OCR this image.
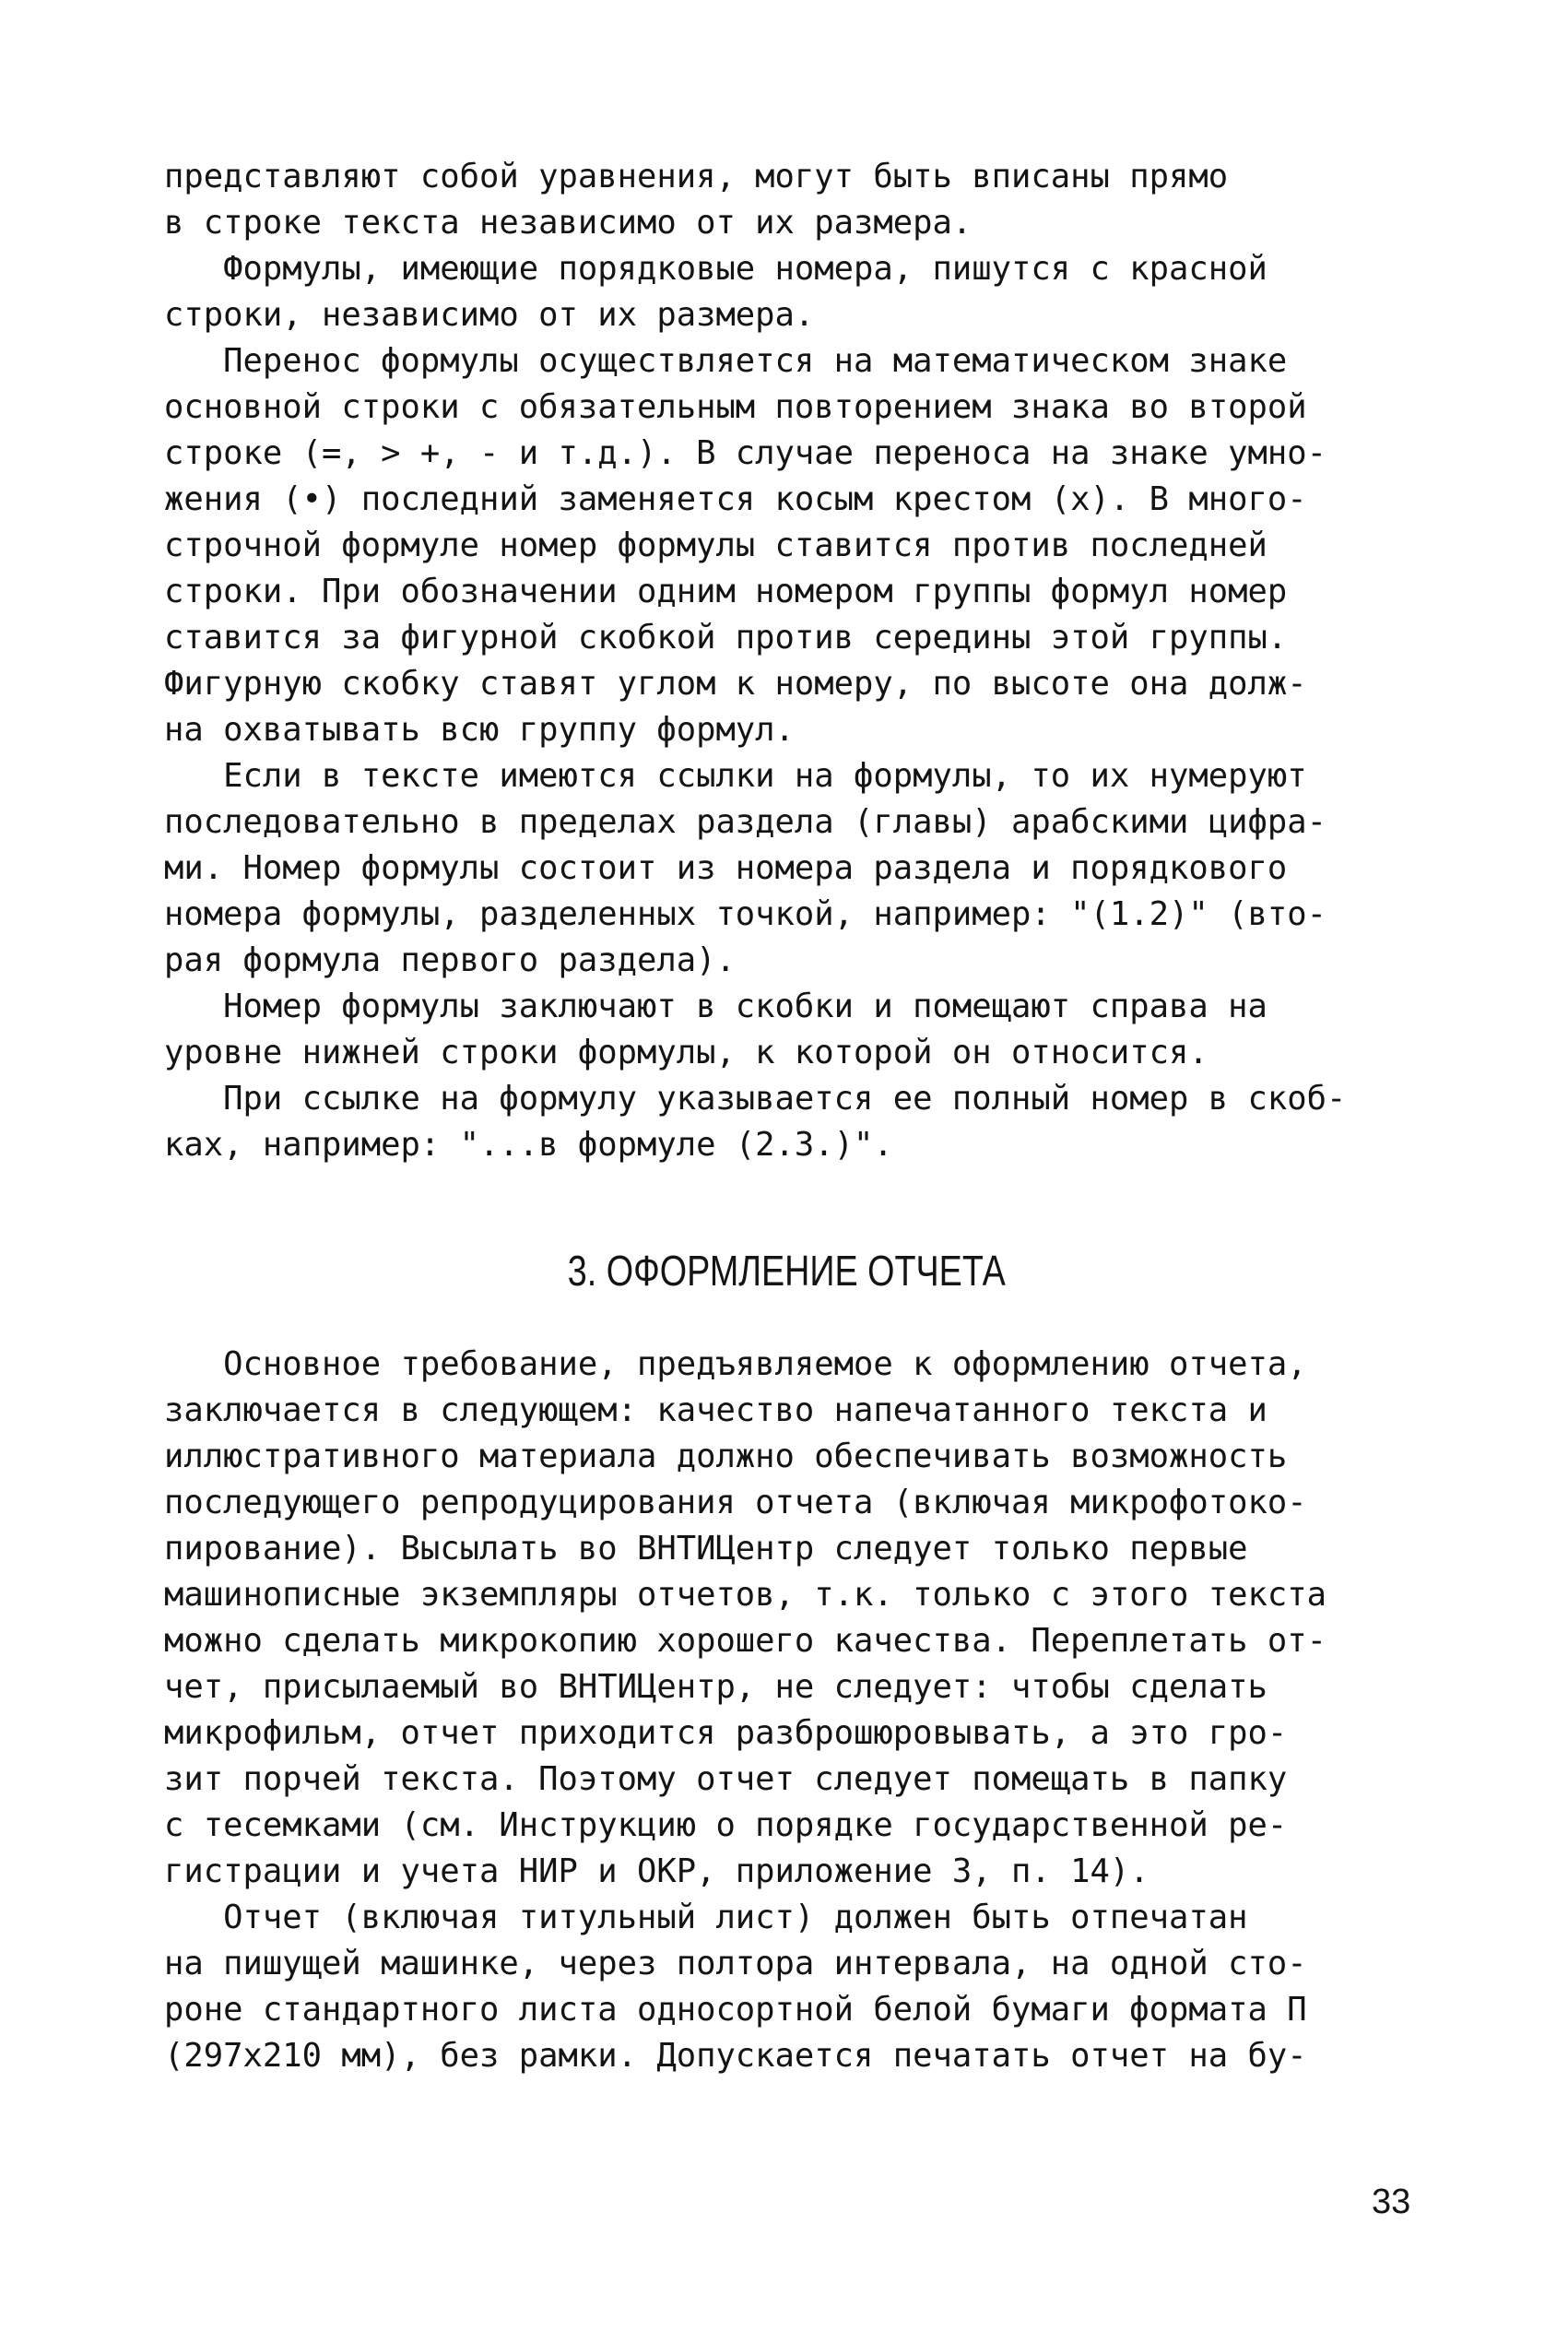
представляют собой уравнения, могут быть вписаны прямо
в строке текста независимо от их размера.
Формулы, имеющие порядковые номера, пишутся с красной
строки, независимо от их размера.
Перенос формулы осуществляется на математическом знаке
основной строки с обязательным повторением знака во второй
строке (=, > +, - и т.д.). В случае переноса на знаке умно-
жения (•) последний заменяется косым крестом (x). В много-
строчной формуле номер формулы ставится против последней
строки. При обозначении одним номером группы формул номер
ставится за фигурной скобкой против середины этой группы.
Фигурную скобку ставят углом к номеру, по высоте она долж-
на охватывать всю группу формул.
Если в тексте имеются ссылки на формулы, то их нумеруют
последовательно в пределах раздела (главы) арабскими цифра-
ми. Номер формулы состоит из номера раздела и порядкового
номера формулы, разделенных точкой, например: "(1.2)" (вто-
рая формула первого раздела).
Номер формулы заключают в скобки и помещают справа на
уровне нижней строки формулы, к которой он относится.
При ссылке на формулу указывается ее полный номер в скоб-
ках, например: "...в формуле (2.3.)".
3. ОФОРМЛЕНИЕ ОТЧЕТА
Основное требование, предъявляемое к оформлению отчета,
заключается в следующем: качество напечатанного текста и
иллюстративного материала должно обеспечивать возможность
последующего репродуцирования отчета (включая микрофотоко-
пирование). Высылать во ВНТИЦентр следует только первые
машинописные экземпляры отчетов, т.к. только с этого текста
можно сделать микрокопию хорошего качества. Переплетать от-
чет, присылаемый во ВНТИЦентр, не следует: чтобы сделать
микрофильм, отчет приходится разброшюровывать, а это гро-
зит порчей текста. Поэтому отчет следует помещать в папку
с тесемками (см. Инструкцию о порядке государственной ре-
гистрации и учета НИР и ОКР, приложение 3, п. 14).
Отчет (включая титульный лист) должен быть отпечатан
на пишущей машинке, через полтора интервала, на одной сто-
роне стандартного листа односортной белой бумаги формата П
(297x210 мм), без рамки. Допускается печатать отчет на бу-
33
